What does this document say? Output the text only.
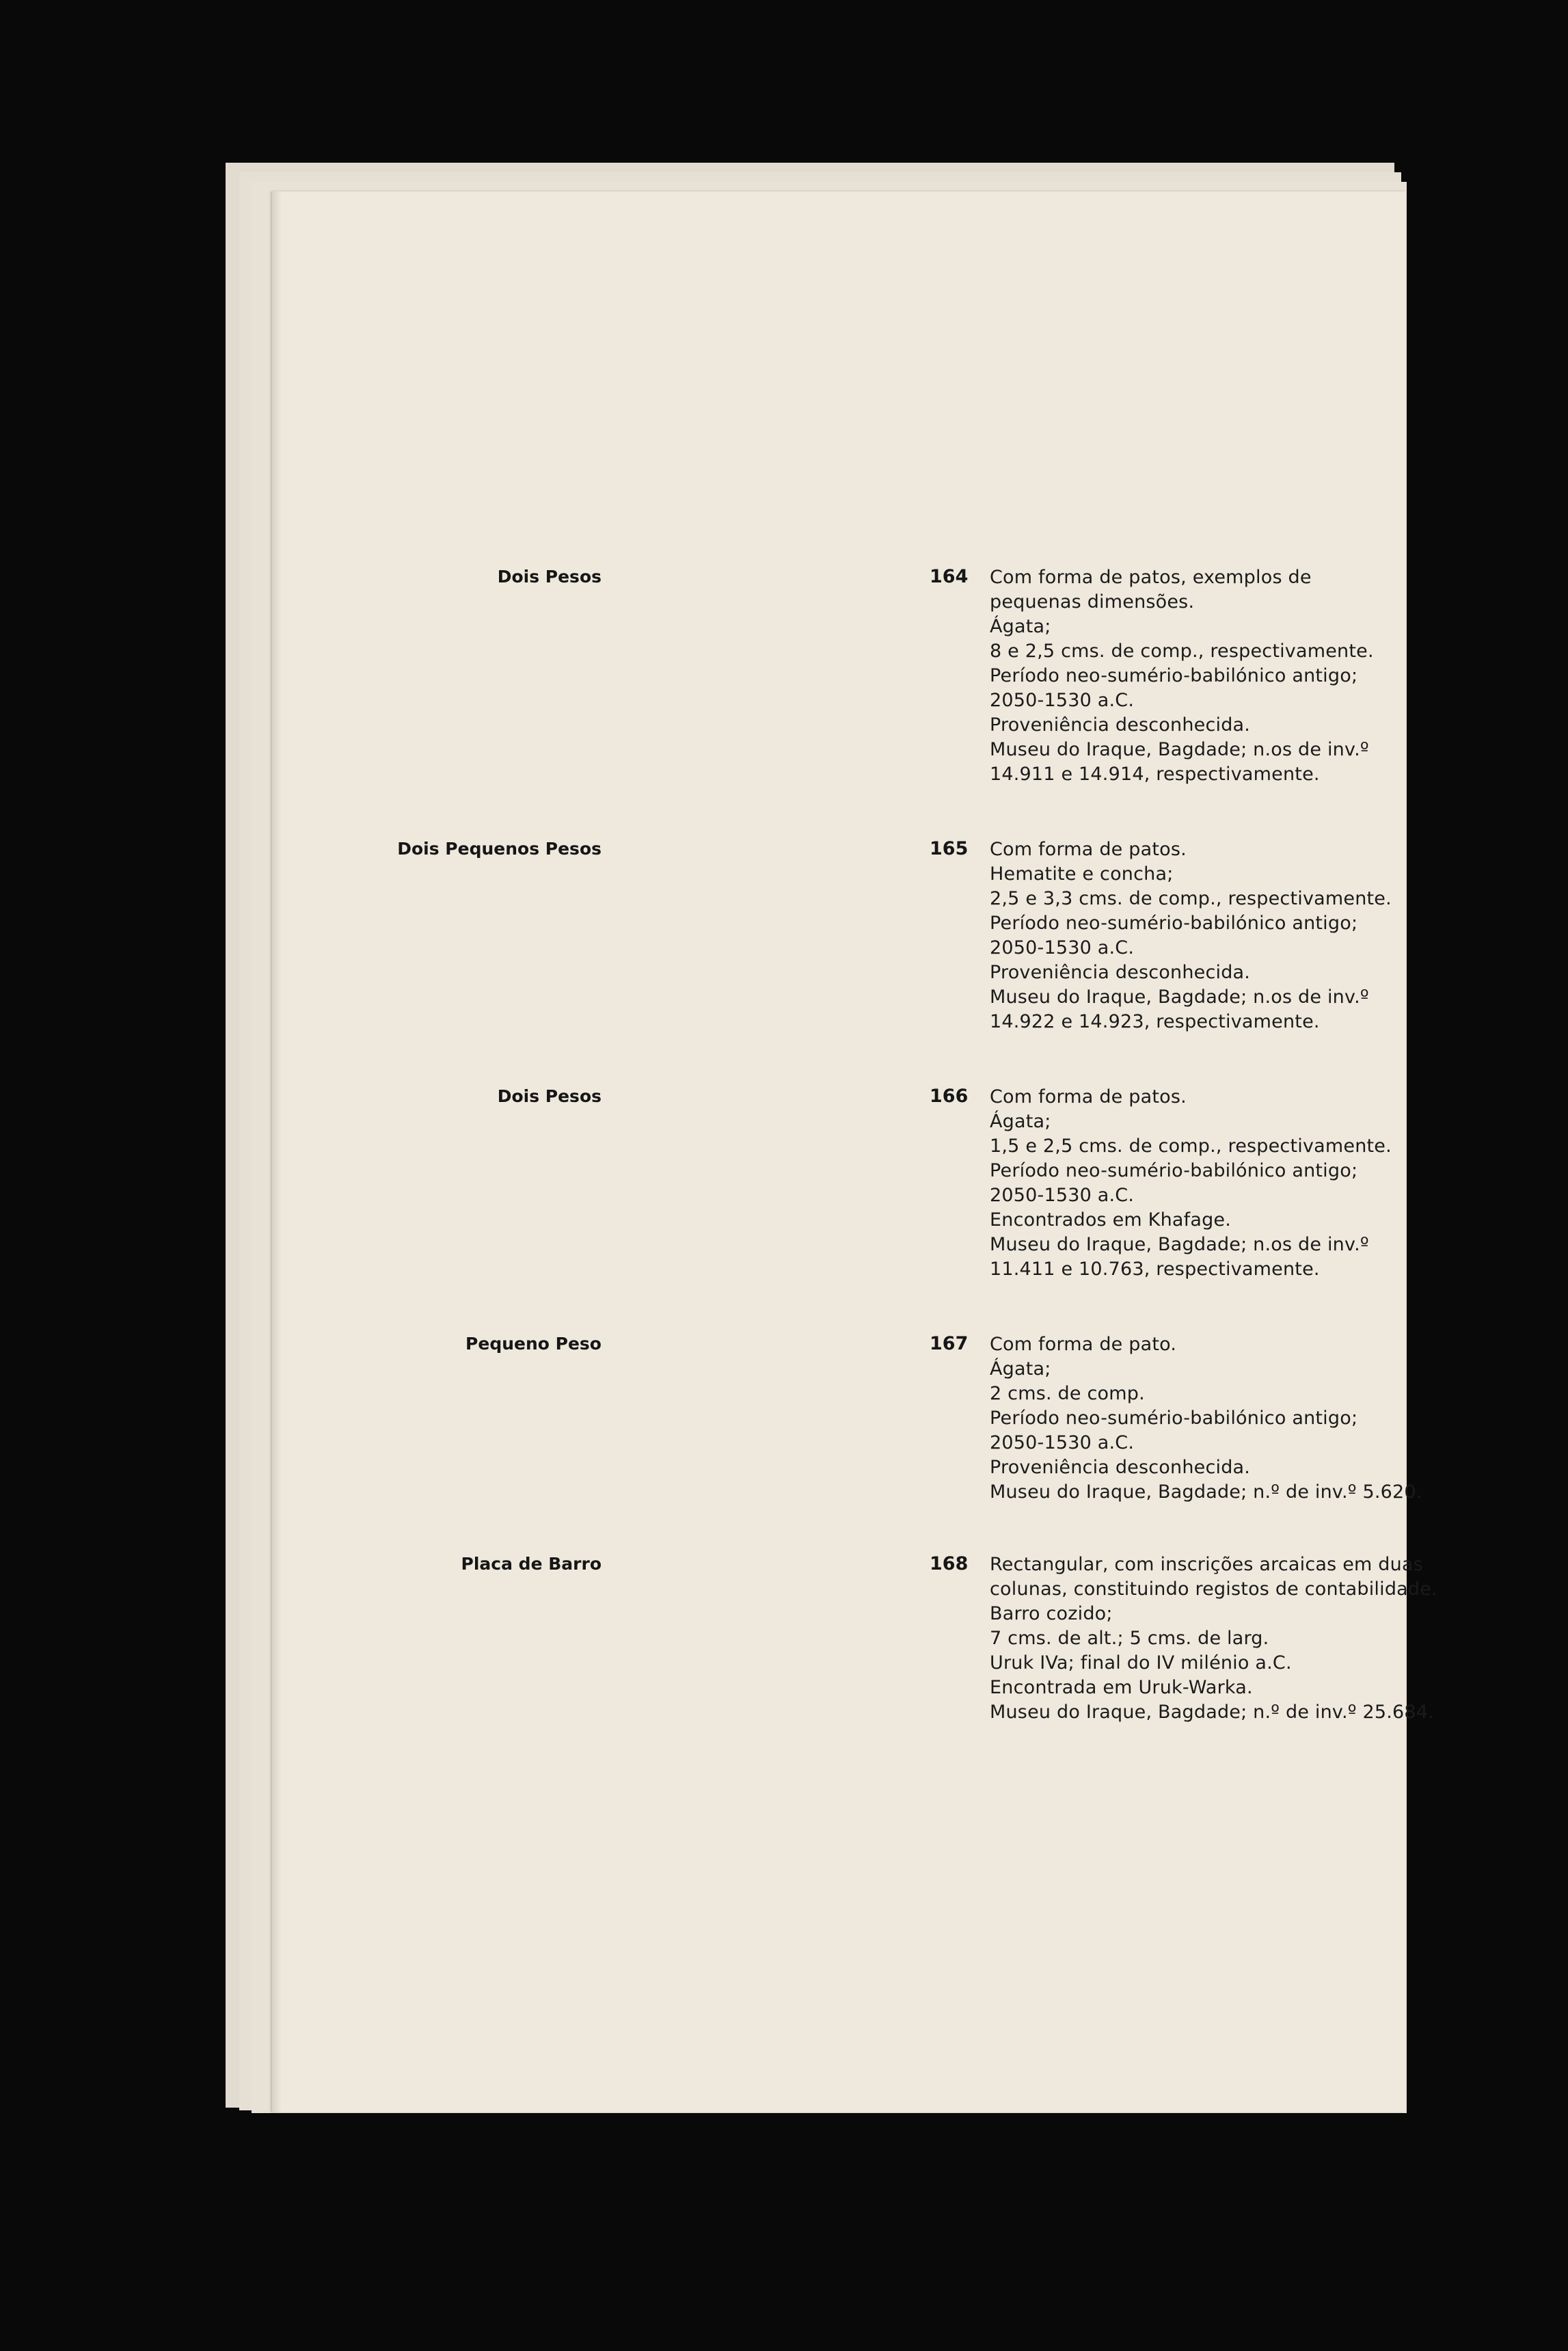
Dois Pesos	164 Com forma de patos, exemplos de
pequenas dimensões.
Ágata;
8 e 2,5 cms. de comp., respectivamente.
Período neo-sumério-babilónico antigo;
2050-1530 a.C.
Proveniência desconhecida.
Museu do Iraque, Bagdade; n.os de inv.º
14.911 e 14.914, respectivamente.

Dois Pequenos Pesos	165 Com forma de patos.
Hematite e concha;
2,5 e 3,3 cms. de comp., respectivamente.
Período neo-sumério-babilónico antigo;
2050-1530 a.C.
Proveniência desconhecida.
Museu do Iraque, Bagdade; n.os de inv.º
14.922 e 14.923, respectivamente.

Dois Pesos	166 Com forma de patos.
Ágata;
1,5 e 2,5 cms. de comp., respectivamente.
Período neo-sumério-babilónico antigo;
2050-1530 a.C.
Encontrados em Khafage.
Museu do Iraque, Bagdade; n.os de inv.º
11.411 e 10.763, respectivamente.

Pequeno Peso	167 Com forma de pato.
Ágata;
2 cms. de comp.
Período neo-sumério-babilónico antigo;
2050-1530 a.C.
Proveniência desconhecida.
Museu do Iraque, Bagdade; n.º de inv.º 5.620.

Placa de Barro	168 Rectangular, com inscrições arcaicas em duas
colunas, constituindo registos de contabilidade.
Barro cozido;
7 cms. de alt.; 5 cms. de larg.
Uruk IVa; final do IV milénio a.C.
Encontrada em Uruk-Warka.
Museu do Iraque, Bagdade; n.º de inv.º 25.684.
